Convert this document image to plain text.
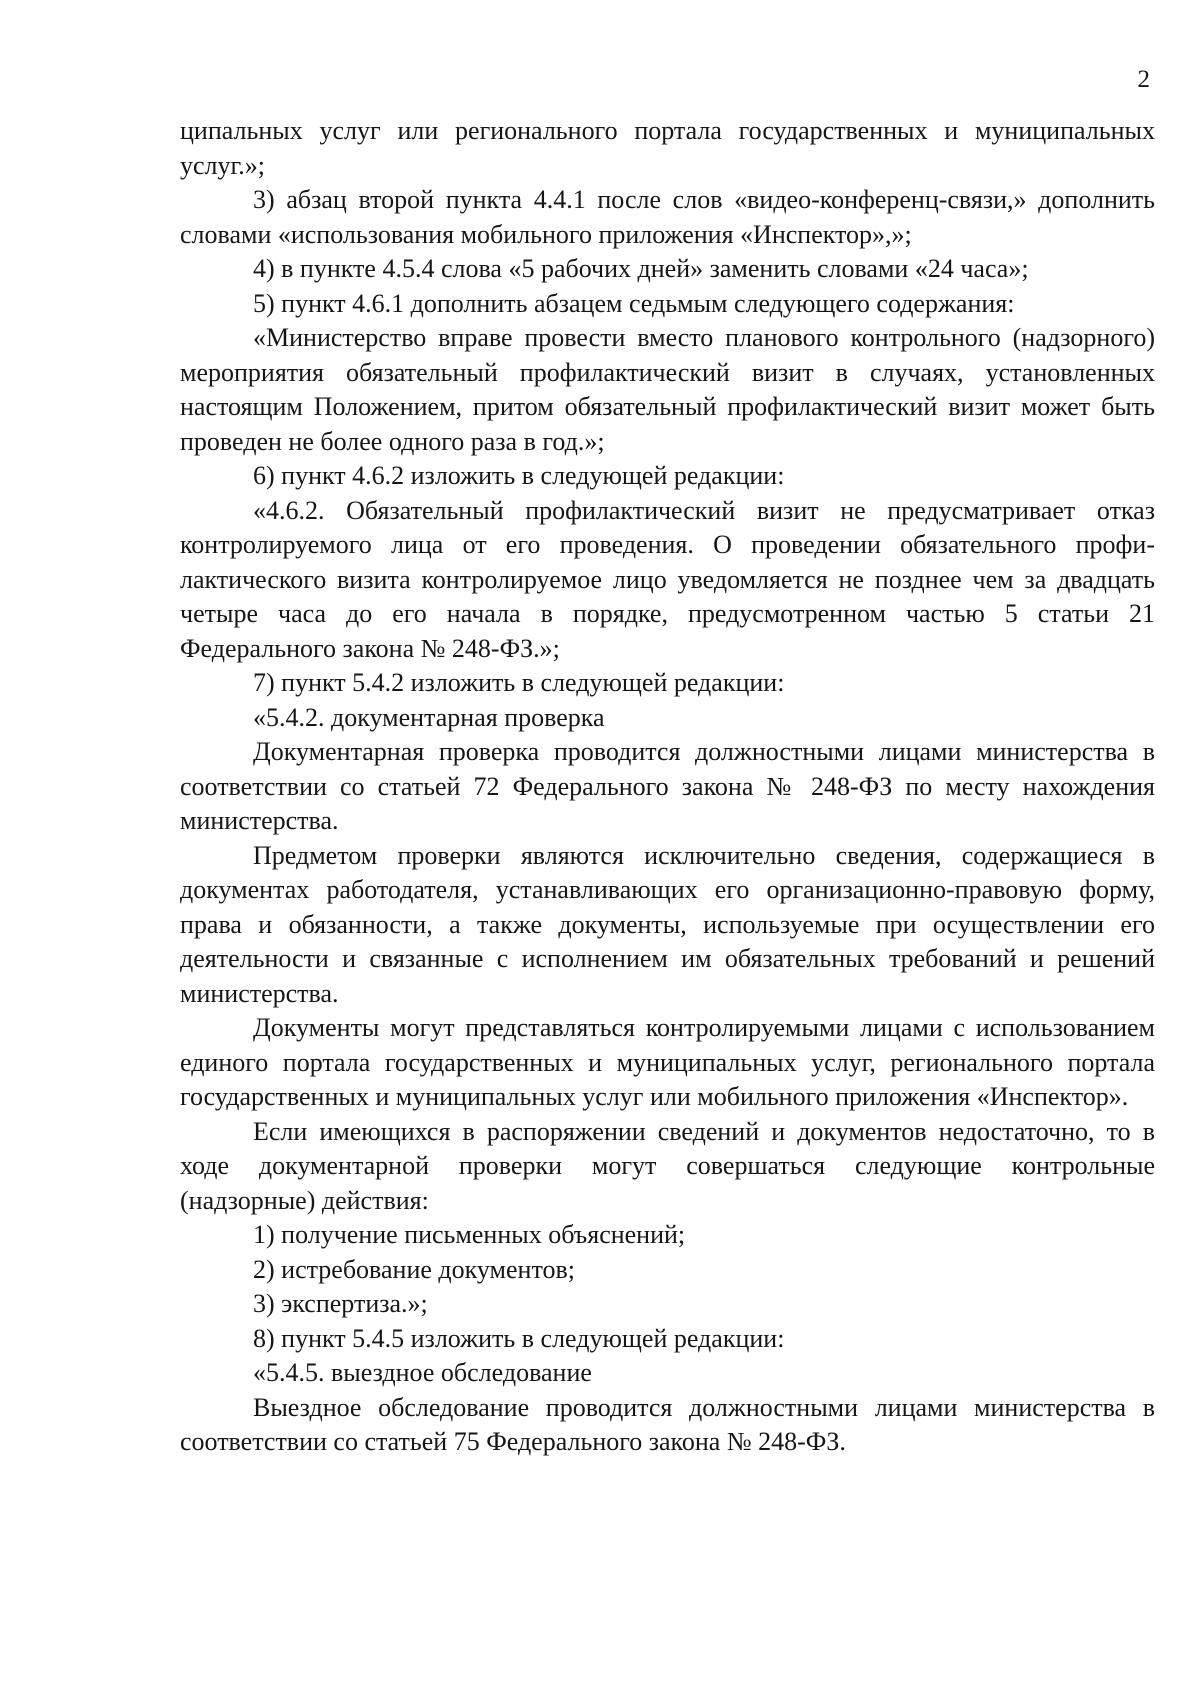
2

ципальных услуг или регионального портала государственных и муниципальных услуг.»;

3) абзац второй пункта 4.4.1 после слов «видео-конференц-связи,» дополнить словами «использования мобильного приложения «Инспектор»,»;

4) в пункте 4.5.4 слова «5 рабочих дней» заменить словами «24 часа»;

5) пункт 4.6.1 дополнить абзацем седьмым следующего содержания:

«Министерство вправе провести вместо планового контрольного (надзорного) мероприятия обязательный профилактический визит в случаях, установленных настоящим Положением, притом обязательный профилактический визит может быть проведен не более одного раза в год.»;

6) пункт 4.6.2 изложить в следующей редакции:

«4.6.2. Обязательный профилактический визит не предусматривает отказ контролируемого лица от его проведения. О проведении обязательного профилактического визита контролируемое лицо уведомляется не позднее чем за двадцать четыре часа до его начала в порядке, предусмотренном частью 5 статьи 21 Федерального закона № 248-ФЗ.»;

7) пункт 5.4.2 изложить в следующей редакции:

«5.4.2. документарная проверка

Документарная проверка проводится должностными лицами министерства в соответствии со статьей 72 Федерального закона № 248-ФЗ по месту нахождения министерства.

Предметом проверки являются исключительно сведения, содержащиеся в документах работодателя, устанавливающих его организационно-правовую форму, права и обязанности, а также документы, используемые при осуществлении его деятельности и связанные с исполнением им обязательных требований и решений министерства.

Документы могут представляться контролируемыми лицами с использованием единого портала государственных и муниципальных услуг, регионального портала государственных и муниципальных услуг или мобильного приложения «Инспектор».

Если имеющихся в распоряжении сведений и документов недостаточно, то в ходе документарной проверки могут совершаться следующие контрольные (надзорные) действия:

1) получение письменных объяснений;

2) истребование документов;

3) экспертиза.»;

8) пункт 5.4.5 изложить в следующей редакции:

«5.4.5. выездное обследование

Выездное обследование проводится должностными лицами министерства в соответствии со статьей 75 Федерального закона № 248-ФЗ.
